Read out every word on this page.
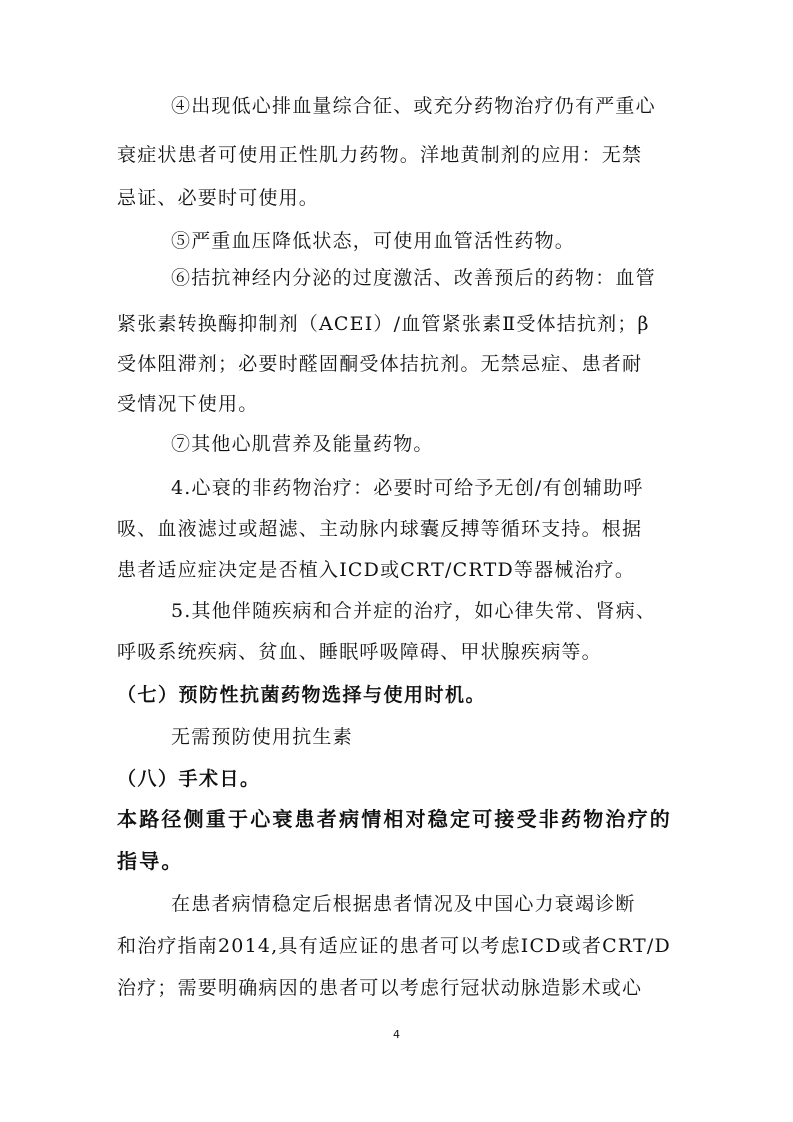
④出现低心排血量综合征、或充分药物治疗仍有严重心
衰症状患者可使用正性肌力药物。洋地黄制剂的应用：无禁
忌证、必要时可使用。
⑤严重血压降低状态，可使用血管活性药物。
⑥拮抗神经内分泌的过度激活、改善预后的药物：血管
紧张素转换酶抑制剂（ACEI）/血管紧张素Ⅱ受体拮抗剂；β
受体阻滞剂；必要时醛固酮受体拮抗剂。无禁忌症、患者耐
受情况下使用。
⑦其他心肌营养及能量药物。
4.心衰的非药物治疗：必要时可给予无创/有创辅助呼
吸、血液滤过或超滤、主动脉内球囊反搏等循环支持。根据
患者适应症决定是否植入ICD或CRT/CRTD等器械治疗。
5.其他伴随疾病和合并症的治疗，如心律失常、肾病、
呼吸系统疾病、贫血、睡眠呼吸障碍、甲状腺疾病等。
（七）预防性抗菌药物选择与使用时机。
无需预防使用抗生素
（八）手术日。
本路径侧重于心衰患者病情相对稳定可接受非药物治疗的
指导。
在患者病情稳定后根据患者情况及中国心力衰竭诊断
和治疗指南2014,具有适应证的患者可以考虑ICD或者CRT/D
治疗；需要明确病因的患者可以考虑行冠状动脉造影术或心
4
